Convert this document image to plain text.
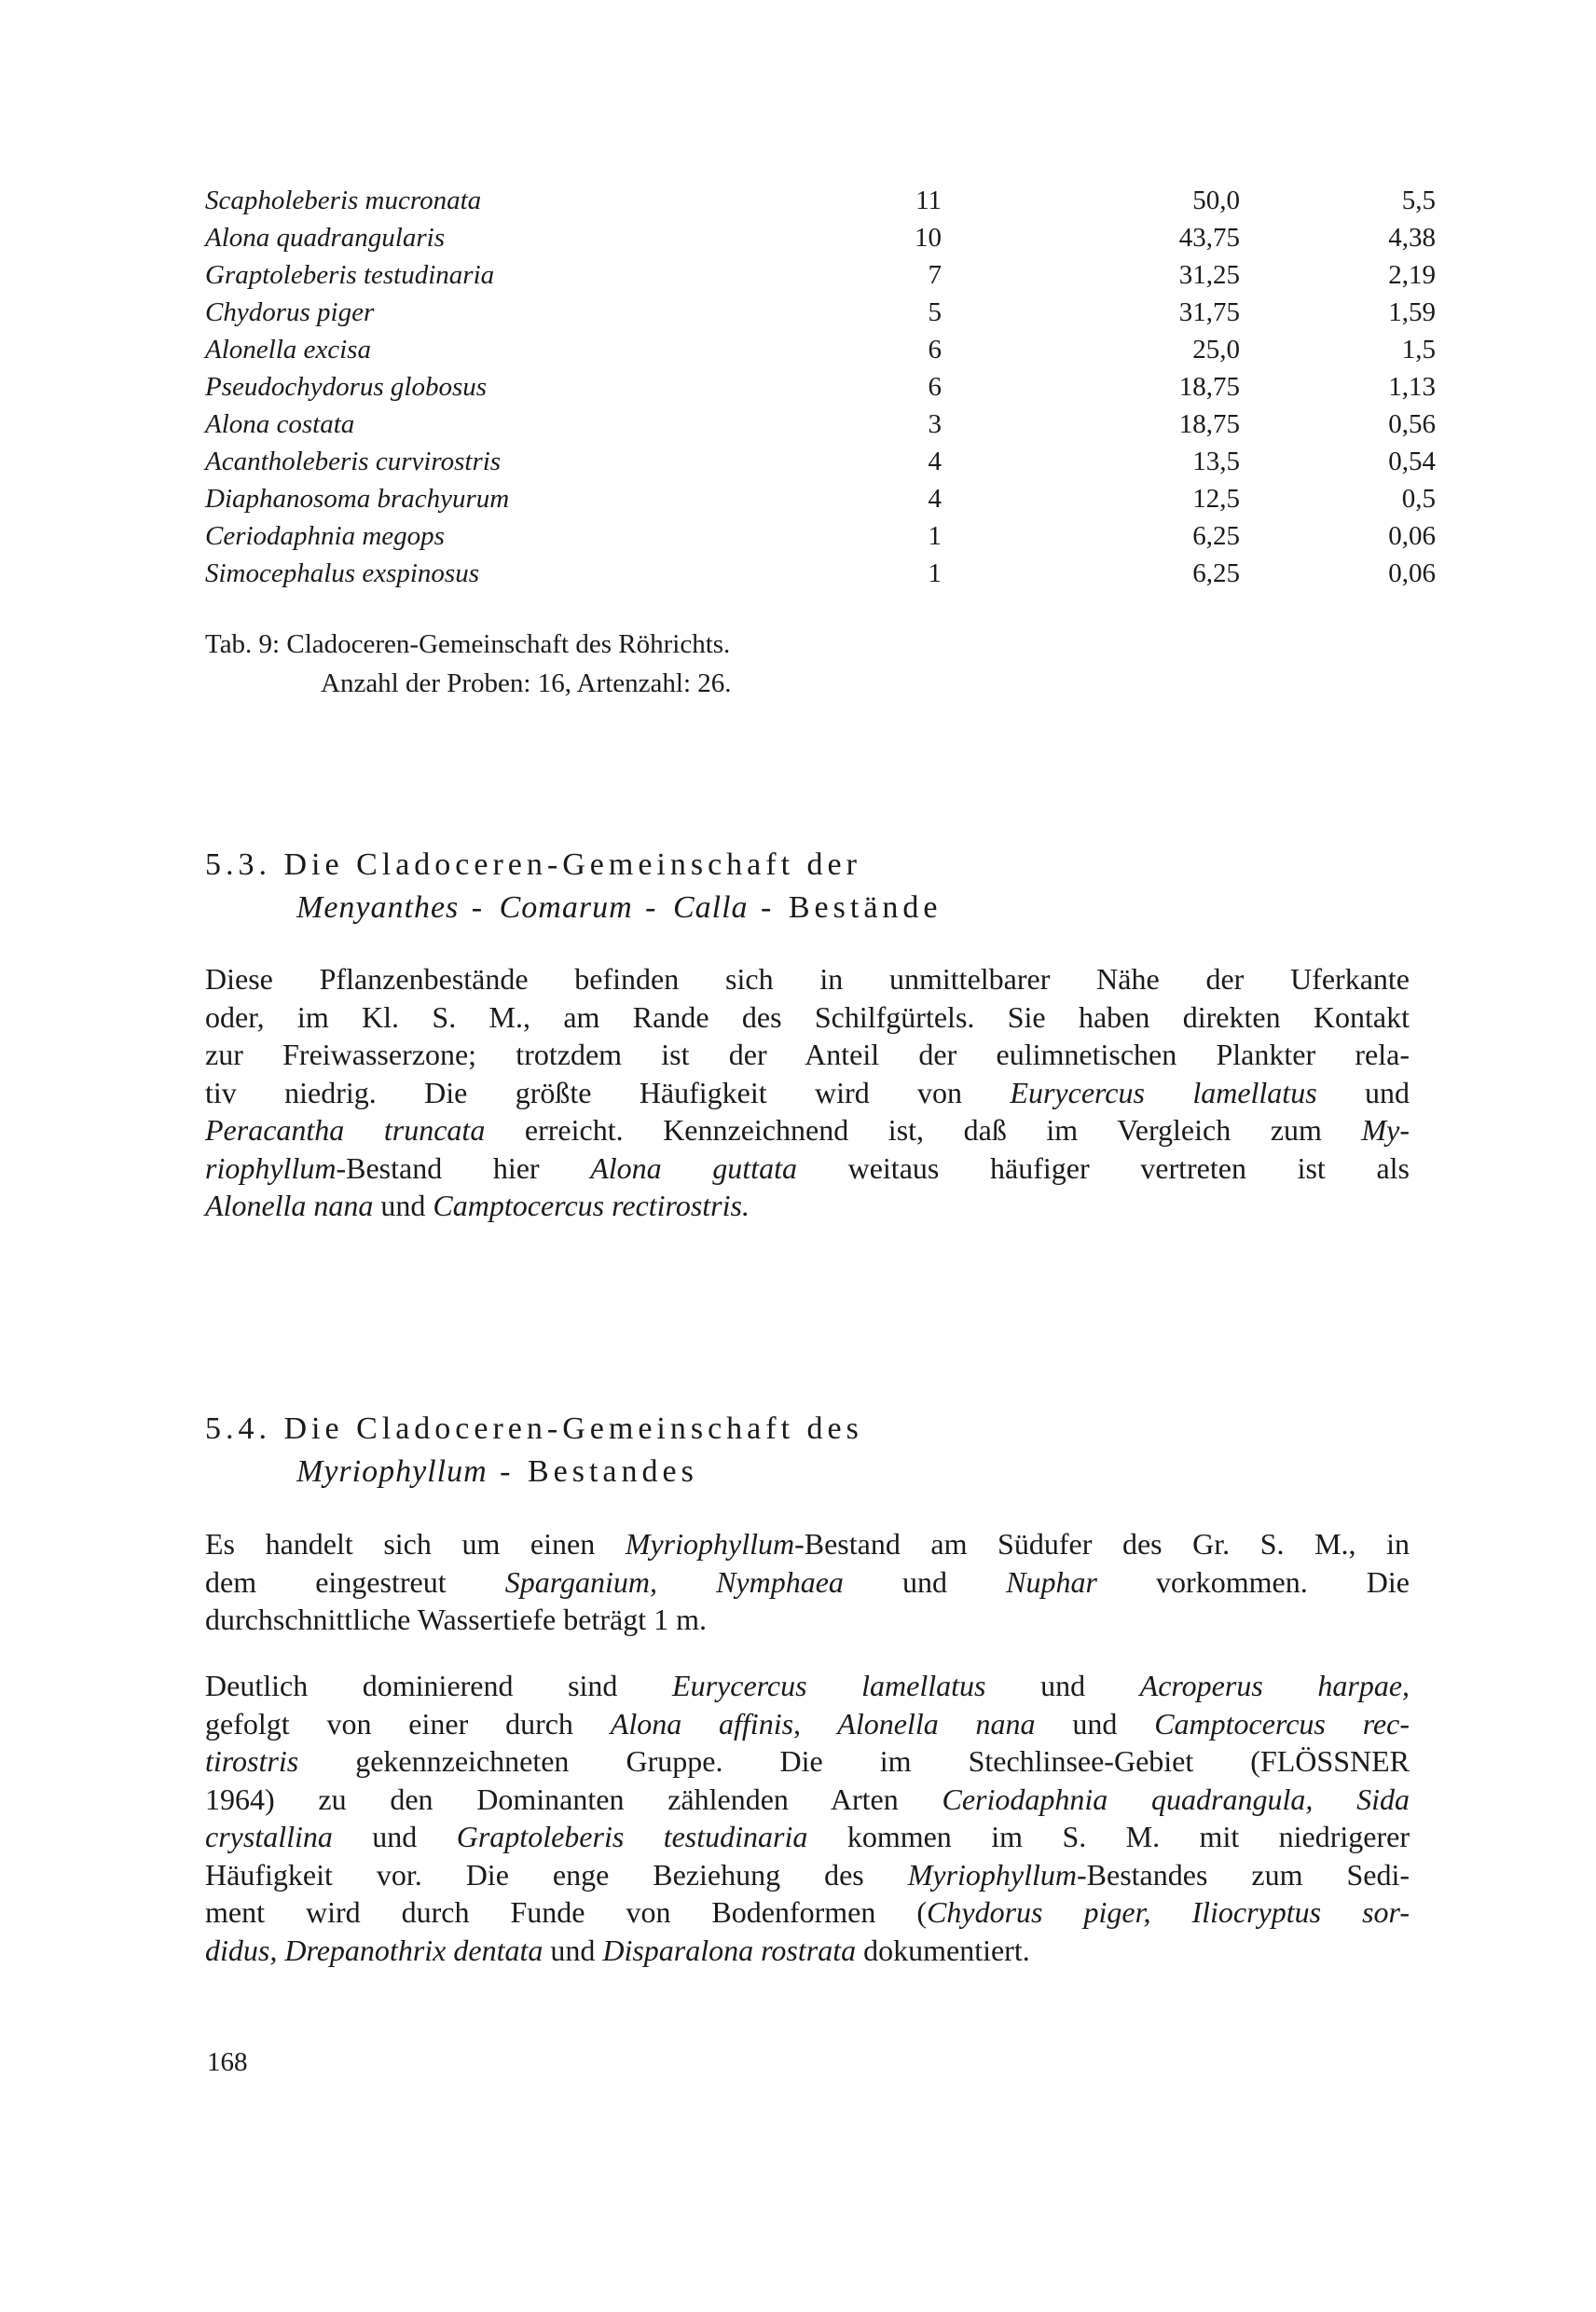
Scapholeberis mucronata	11	50,0	5,5
Alona quadrangularis	10	43,75	4,38
Graptoleberis testudinaria	7	31,25	2,19
Chydorus piger	5	31,75	1,59
Alonella excisa	6	25,0	1,5
Pseudochydorus globosus	6	18,75	1,13
Alona costata	3	18,75	0,56
Acantholeberis curvirostris	4	13,5	0,54
Diaphanosoma brachyurum	4	12,5	0,5
Ceriodaphnia megops	1	6,25	0,06
Simocephalus exspinosus	1	6,25	0,06
Tab. 9: Cladoceren-Gemeinschaft des Röhrichts.
Anzahl der Proben: 16, Artenzahl: 26.
5.3. Die Cladoceren-Gemeinschaft der
Menyanthes - Comarum - Calla - Bestände
Diese Pflanzenbestände befinden sich in unmittelbarer Nähe der Uferkante
oder, im Kl. S. M., am Rande des Schilfgürtels. Sie haben direkten Kontakt
zur Freiwasserzone; trotzdem ist der Anteil der eulimnetischen Plankter rela-
tiv niedrig. Die größte Häufigkeit wird von Eurycercus lamellatus und
Peracantha truncata erreicht. Kennzeichnend ist, daß im Vergleich zum My-
riophyllum-Bestand hier Alona guttata weitaus häufiger vertreten ist als
Alonella nana und Camptocercus rectirostris.
5.4. Die Cladoceren-Gemeinschaft des
Myriophyllum - Bestandes
Es handelt sich um einen Myriophyllum-Bestand am Südufer des Gr. S. M., in
dem eingestreut Sparganium, Nymphaea und Nuphar vorkommen. Die
durchschnittliche Wassertiefe beträgt 1 m.
Deutlich dominierend sind Eurycercus lamellatus und Acroperus harpae,
gefolgt von einer durch Alona affinis, Alonella nana und Camptocercus rec-
tirostris gekennzeichneten Gruppe. Die im Stechlinsee-Gebiet (FLÖSSNER
1964) zu den Dominanten zählenden Arten Ceriodaphnia quadrangula, Sida
crystallina und Graptoleberis testudinaria kommen im S. M. mit niedrigerer
Häufigkeit vor. Die enge Beziehung des Myriophyllum-Bestandes zum Sedi-
ment wird durch Funde von Bodenformen (Chydorus piger, Iliocryptus sor-
didus, Drepanothrix dentata und Disparalona rostrata dokumentiert.
168
